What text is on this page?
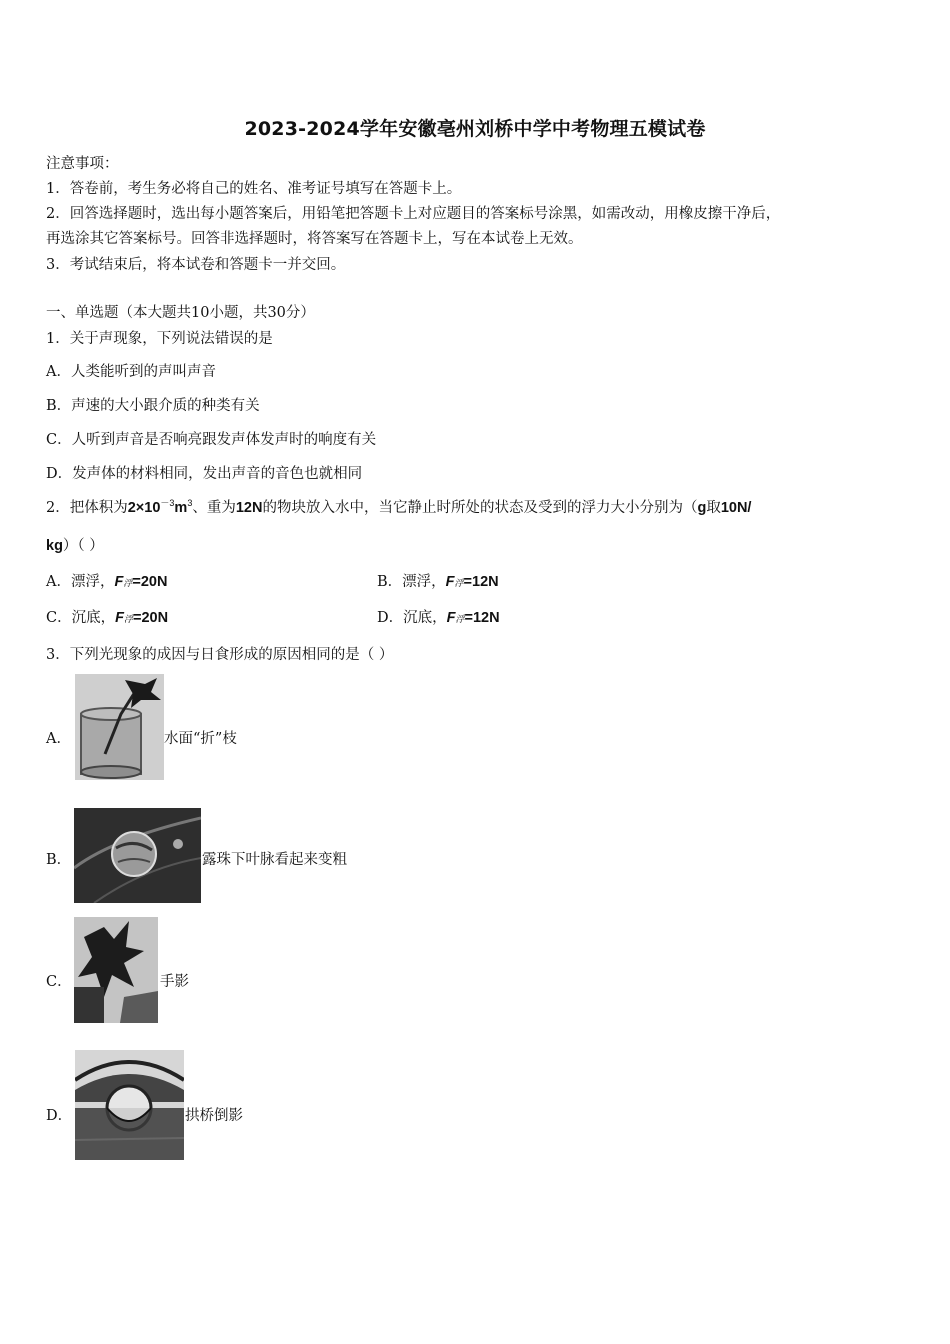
2023-2024学年安徽亳州刘桥中学中考物理五模试卷
注意事项：
1．答卷前，考生务必将自己的姓名、准考证号填写在答题卡上。
2．回答选择题时，选出每小题答案后，用铅笔把答题卡上对应题目的答案标号涂黑，如需改动，用橡皮擦干净后，
再选涂其它答案标号。回答非选择题时，将答案写在答题卡上，写在本试卷上无效。
3．考试结束后，将本试卷和答题卡一并交回。
一、单选题（本大题共10小题，共30分）
1．关于声现象，下列说法错误的是
A．人类能听到的声叫声音
B．声速的大小跟介质的种类有关
C．人听到声音是否响亮跟发声体发声时的响度有关
D．发声体的材料相同，发出声音的音色也就相同
2．把体积为$2\times 10^{-3}m^3$、重为12N的物块放入水中，当它静止时所处的状态及受到的浮力大小分别为（g取10N/
kg）（ ）
A．漂浮，F浮=20N	B．漂浮，F浮=12N
C．沉底，F浮=20N	D．沉底，F浮=12N
3．下列光现象的成因与日食形成的原因相同的是（ ）
A．	水面“折”枝
B．	露珠下叶脉看起来变粗
C．	手影
D．	拱桥倒影
